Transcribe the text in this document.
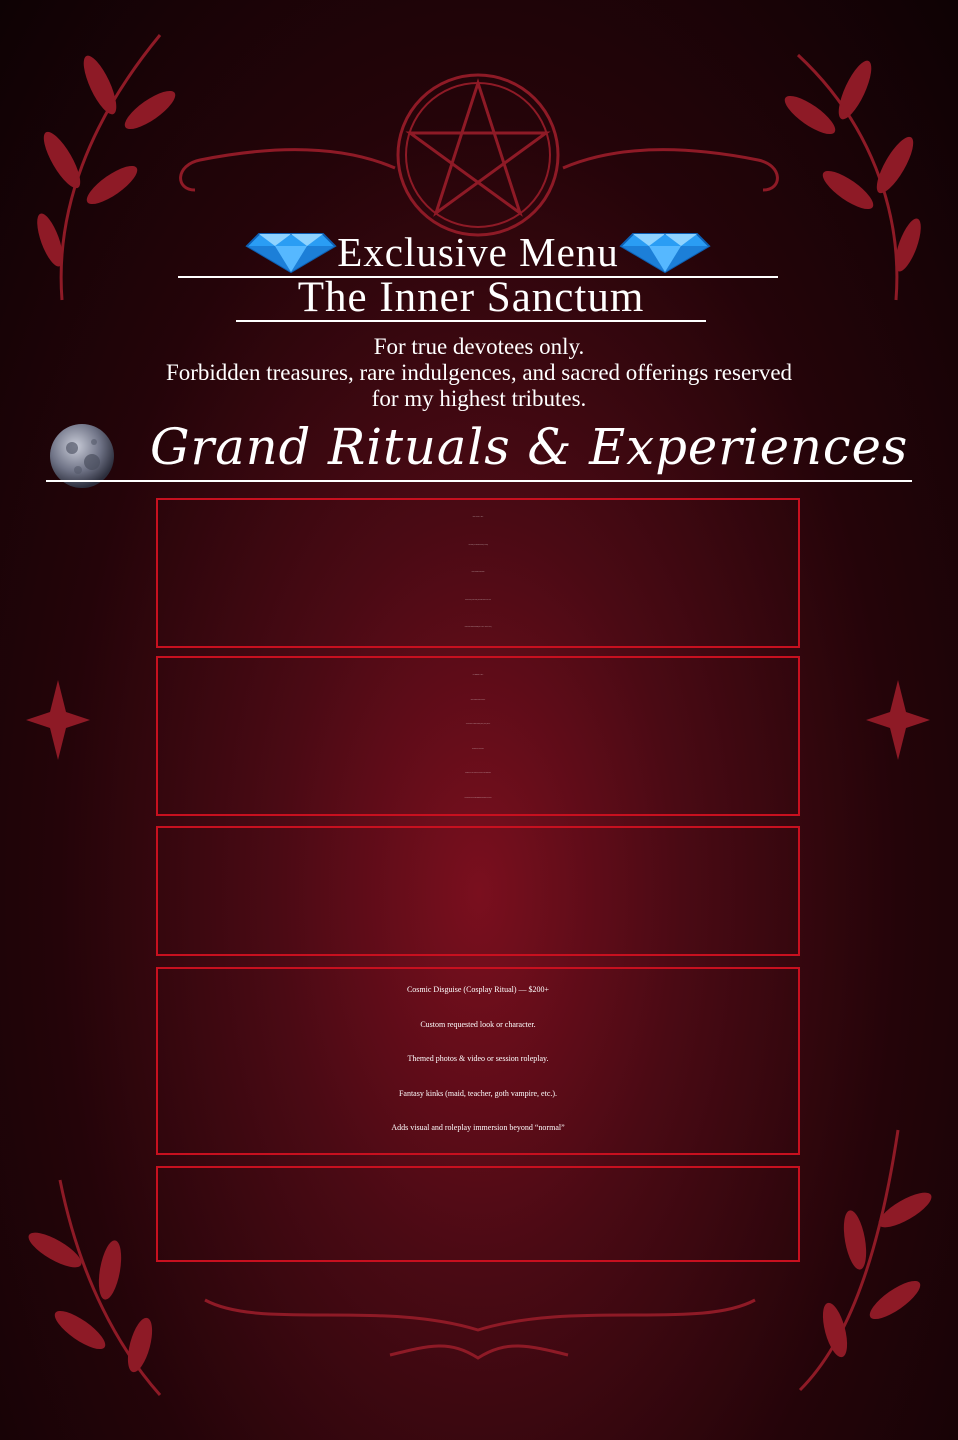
Exclusive Menu
The Inner Sanctum
For true devotees only.
Forbidden treasures, rare indulgences, and sacred offerings reserved
for my highest tributes.
Grand Rituals & Experiences
Ritual Ascension — $250+
A long-form, fully customized session (2+ hours).
Priority booking and scheduling.
Tailored roleplay, kink energies, and themes chosen by the client.
Could include combined mediums (chat + audio + photos or video)
The Summoning — $400+
Multi-day/multi-session experience.
Layered content: a combo of audios, photos, videos, and live
interaction over several days.
Designed to feel like a ritual cycle or story arc with progression.
Client gets the sense of being “summoned and bound” in the service
Cosmic Disguise (Cosplay Ritual) — $200+
Custom requested look or character.
Themed photos & video or session roleplay.
Fantasy kinks (maid, teacher, goth vampire, etc.).
Adds visual and roleplay immersion beyond “normal”
